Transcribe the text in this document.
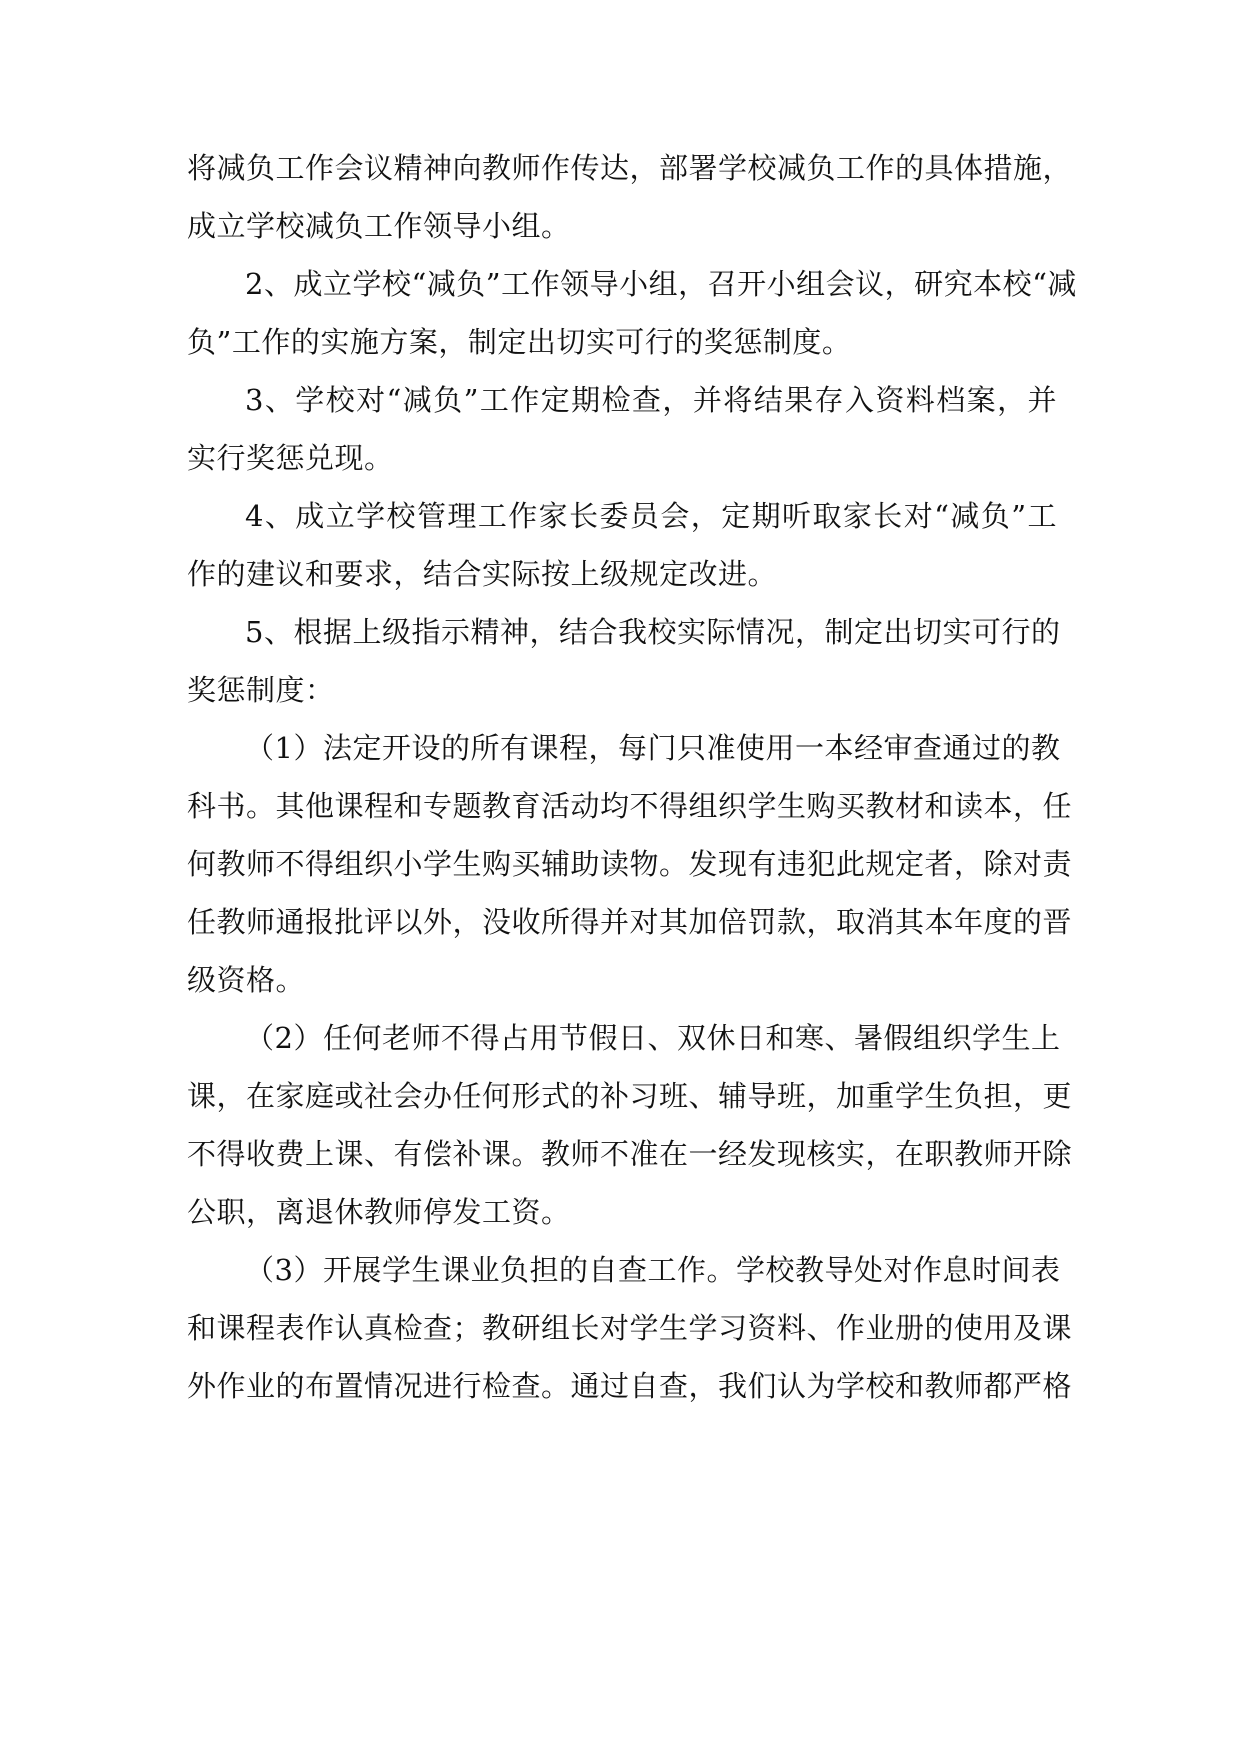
将减负工作会议精神向教师作传达，部署学校减负工作的具体措施，
成立学校减负工作领导小组。
2、成立学校“减负”工作领导小组，召开小组会议，研究本校“减
负”工作的实施方案，制定出切实可行的奖惩制度。
3、学校对“减负”工作定期检查，并将结果存入资料档案，并
实行奖惩兑现。
4、成立学校管理工作家长委员会，定期听取家长对“减负”工
作的建议和要求，结合实际按上级规定改进。
5、根据上级指示精神，结合我校实际情况，制定出切实可行的
奖惩制度：
（1）法定开设的所有课程，每门只准使用一本经审查通过的教
科书。其他课程和专题教育活动均不得组织学生购买教材和读本，任
何教师不得组织小学生购买辅助读物。发现有违犯此规定者，除对责
任教师通报批评以外，没收所得并对其加倍罚款，取消其本年度的晋
级资格。
（2）任何老师不得占用节假日、双休日和寒、暑假组织学生上
课，在家庭或社会办任何形式的补习班、辅导班，加重学生负担，更
不得收费上课、有偿补课。教师不准在一经发现核实，在职教师开除
公职，离退休教师停发工资。
（3）开展学生课业负担的自查工作。学校教导处对作息时间表
和课程表作认真检查；教研组长对学生学习资料、作业册的使用及课
外作业的布置情况进行检查。通过自查，我们认为学校和教师都严格
